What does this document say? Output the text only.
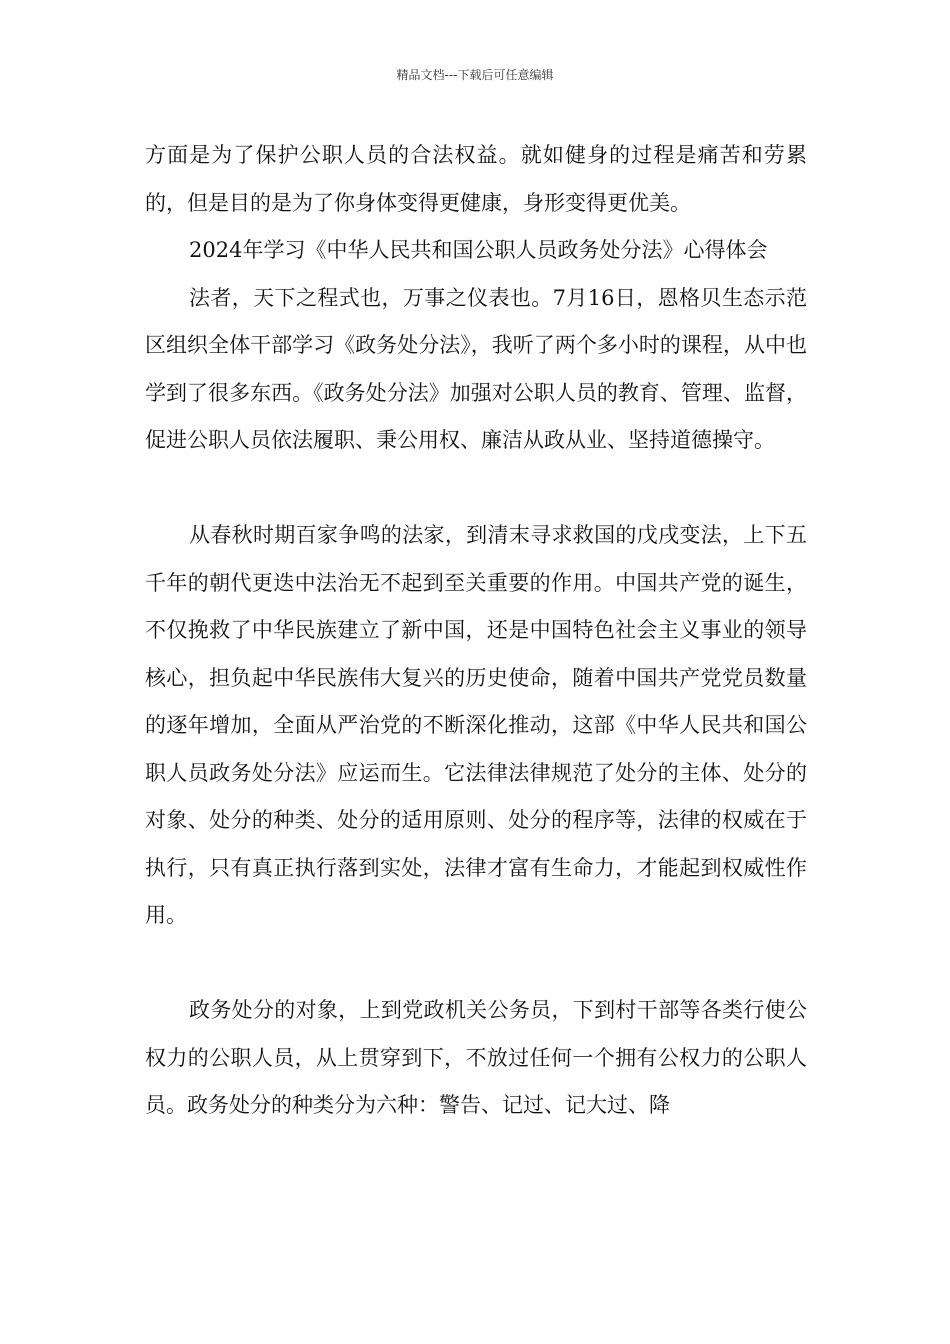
精品文档---下载后可任意编辑

方面是为了保护公职人员的合法权益。就如健身的过程是痛苦和劳累的，但是目的是为了你身体变得更健康，身形变得更优美。

2024年学习《中华人民共和国公职人员政务处分法》心得体会

法者，天下之程式也，万事之仪表也。7月16日，恩格贝生态示范区组织全体干部学习《政务处分法》，我听了两个多小时的课程，从中也学到了很多东西。《政务处分法》加强对公职人员的教育、管理、监督，促进公职人员依法履职、秉公用权、廉洁从政从业、坚持道德操守。

从春秋时期百家争鸣的法家，到清末寻求救国的戊戌变法，上下五千年的朝代更迭中法治无不起到至关重要的作用。中国共产党的诞生，不仅挽救了中华民族建立了新中国，还是中国特色社会主义事业的领导核心，担负起中华民族伟大复兴的历史使命，随着中国共产党党员数量的逐年增加，全面从严治党的不断深化推动，这部《中华人民共和国公职人员政务处分法》应运而生。它法律法律规范了处分的主体、处分的对象、处分的种类、处分的适用原则、处分的程序等，法律的权威在于执行，只有真正执行落到实处，法律才富有生命力，才能起到权威性作用。

政务处分的对象，上到党政机关公务员，下到村干部等各类行使公权力的公职人员，从上贯穿到下，不放过任何一个拥有公权力的公职人员。政务处分的种类分为六种：警告、记过、记大过、降
